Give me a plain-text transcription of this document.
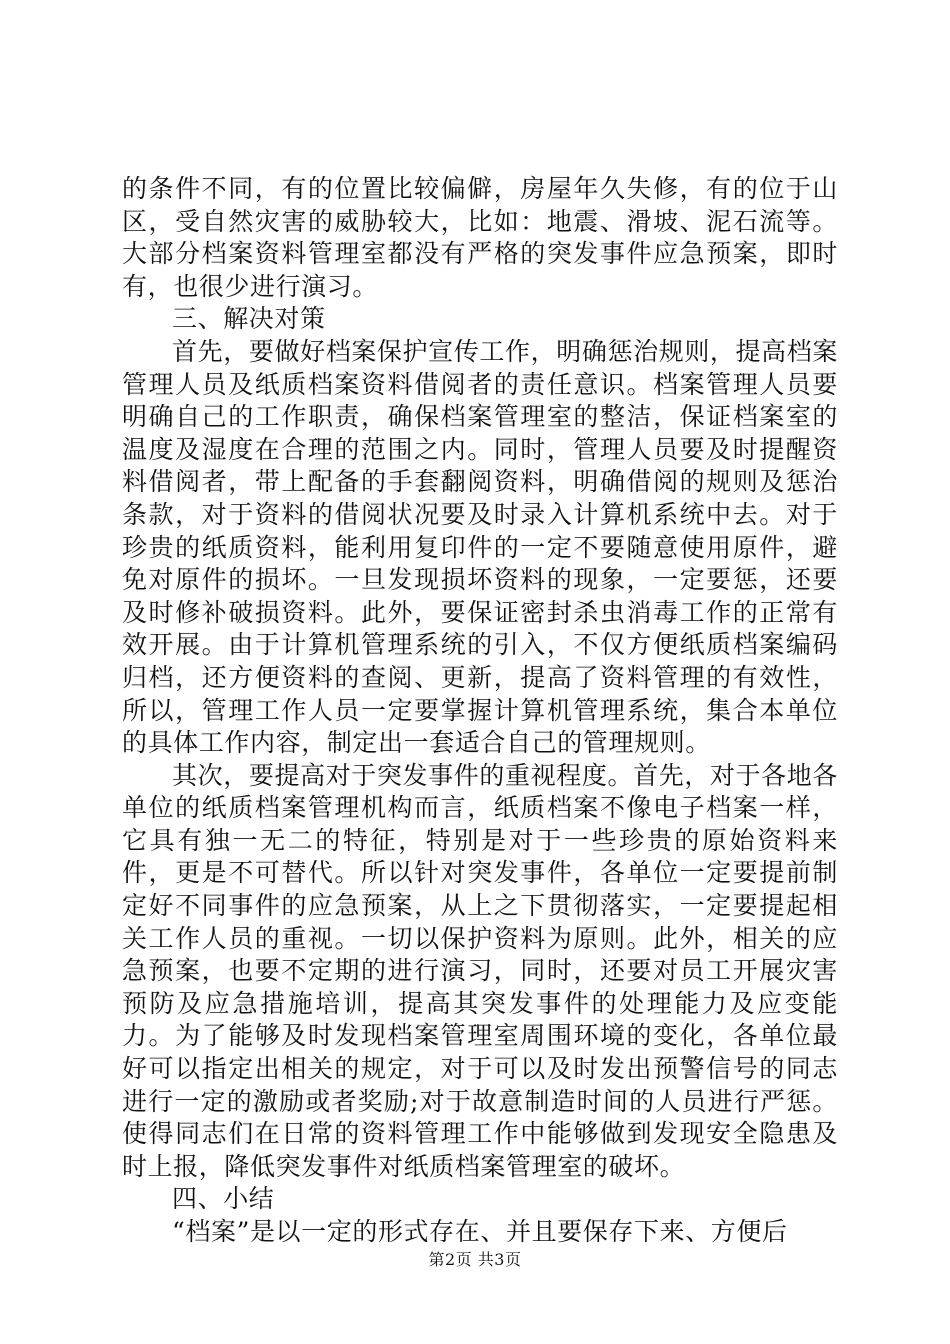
的条件不同，有的位置比较偏僻，房屋年久失修，有的位于山区，受自然灾害的威胁较大，比如：地震、滑坡、泥石流等。大部分档案资料管理室都没有严格的突发事件应急预案，即时有，也很少进行演习。

三、解决对策

首先，要做好档案保护宣传工作，明确惩治规则，提高档案管理人员及纸质档案资料借阅者的责任意识。档案管理人员要明确自己的工作职责，确保档案管理室的整洁，保证档案室的温度及湿度在合理的范围之内。同时，管理人员要及时提醒资料借阅者，带上配备的手套翻阅资料，明确借阅的规则及惩治条款，对于资料的借阅状况要及时录入计算机系统中去。对于珍贵的纸质资料，能利用复印件的一定不要随意使用原件，避免对原件的损坏。一旦发现损坏资料的现象，一定要惩，还要及时修补破损资料。此外，要保证密封杀虫消毒工作的正常有效开展。由于计算机管理系统的引入，不仅方便纸质档案编码归档，还方便资料的查阅、更新，提高了资料管理的有效性，所以，管理工作人员一定要掌握计算机管理系统，集合本单位的具体工作内容，制定出一套适合自己的管理规则。

其次，要提高对于突发事件的重视程度。首先，对于各地各单位的纸质档案管理机构而言，纸质档案不像电子档案一样，它具有独一无二的特征，特别是对于一些珍贵的原始资料来件，更是不可替代。所以针对突发事件，各单位一定要提前制定好不同事件的应急预案，从上之下贯彻落实，一定要提起相关工作人员的重视。一切以保护资料为原则。此外，相关的应急预案，也要不定期的进行演习，同时，还要对员工开展灾害预防及应急措施培训，提高其突发事件的处理能力及应变能力。为了能够及时发现档案管理室周围环境的变化，各单位最好可以指定出相关的规定，对于可以及时发出预警信号的同志进行一定的激励或者奖励;对于故意制造时间的人员进行严惩。使得同志们在日常的资料管理工作中能够做到发现安全隐患及时上报，降低突发事件对纸质档案管理室的破坏。

四、小结

“档案”是以一定的形式存在、并且要保存下来、方便后

第2页 共3页
